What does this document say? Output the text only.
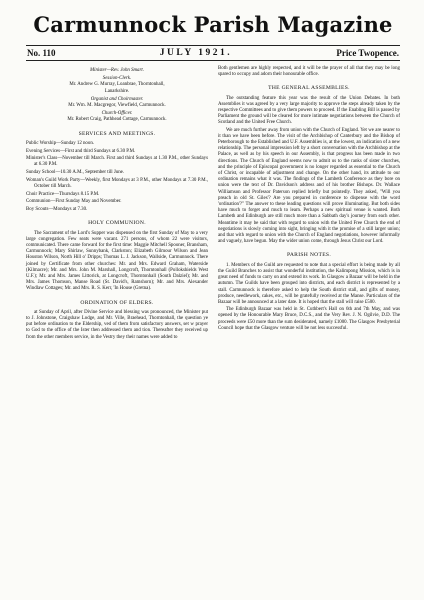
Carmunnock Parish Magazine
No. 110	JULY 1921.	Price Twopence.
Minister—Rev. John Smart.
Session-Clerk.
Mr. Andrew G. Murray, Loanbrae, Thorntonhall,
Lanarkshire.
Organist and Choirmaster.
Mr. Wm. M. Macgregor, Viewfield, Carmunnock.
Church-Officer.
Mr. Robert Craig, Pathhead Cottage, Carmunnock.
SERVICES AND MEETINGS.

Public Worship—Sunday 12 noon.

Evening Services—First and third Sundays at 6.30 P.M.

Minister's Class—November till March. First and third Sundays at 1.30 P.M., other Sundays at 6.30 P.M.

Sunday School—10.30 A.M., September till June.

Woman's Guild Work Party—Weekly, first Mondays at 3 P.M., other Mondays at 7.30 P.M., October till March.

Choir Practice—Thursdays 8.15 P.M.

Communion—First Sunday May and November.

Boy Scouts—Mondays at 7.30.

HOLY COMMUNION.

The Sacrament of the Lord's Supper was dispensed on the first Sunday of May to a very large congregation. Few seats were vacant. 271 persons, of whom 22 were visitors, communicated. There came forward for the first time: Maggie Mitchell Spooner, Bransham, Carmunnock; Mary Shirlaw, Sunnybank, Clarkston; Elizabeth Gilmour Wilson and Jean Houston Wilson, North Hill o' Dripps; Thomas L. J. Jackson, Wallside, Carmunnock. There joined by Certificate from other churches: Mr. and Mrs. Edward Graham, Waterside (Kilmacre); Mr. and Mrs. John M. Marshall, Longcroft, Thorntonhall (Pollokshields West U.F.); Mr. and Mrs. James Littorick, at Longcroft, Thorntonhall (South Dalziel); Mr. and Mrs. James Thomson, Manse Road (St. David's, Ramshorn); Mr. and Mrs. Alexander Windlaw Cottages; Mr. and Mrs. R. S. Kerr, 'In House (Gretna).

ORDINATION OF ELDERS.

at Sunday of April, after Divine Service and blessing was pronounced, the Minister put to J. Johnstone, Craigshaw Lodge, and Mr. Ville, Braehead, Thorntonhall, the question ye put before ordination to the Eldership, ved of them from satisfactory answers, set w prayer to God to the office of the Ister then addressed them and tion. Thereafter they received up from the other members service, in the Vestry they their names were added to

Both gentlemen are highly respected, and it will be the prayer of all that they may be long spared to occupy and adorn their honourable office.

THE GENERAL ASSEMBLIES.

The outstanding feature this year was the result of the Union Debates. In both Assemblies it was agreed by a very large majority to approve the steps already taken by the respective Committees and to give them powers to proceed. If the Enabling Bill is passed by Parliament the ground will be cleared for more intimate negotiations between the Church of Scotland and the United Free Church.

We are much further away from union with the Church of England. Yet we are nearer to it than we have been before. The visit of the Archbishop of Canterbury and the Bishop of Peterborough to the Established and U.F. Assemblies is, at the lowest, an indication of a new relationship. The personal impression left by a short conversation with the Archbishop at the Palace, as well as by his speech in our Assembly, is that progress has been made in two directions. The Church of England seems now to admit us to the ranks of sister churches, and the principle of Episcopal government is no longer regarded as essential to the Church of Christ, or incapable of adjustment and change. On the other hand, its attitude to our ordination remains what it was. The findings of the Lambeth Conference as they bore on union were the text of Dr. Davidson's address and of his brother Bishops. Dr. Wallace Williamson and Professor Paterson replied briefly but pointedly. They asked, "Will you preach in old St. Giles'? Are you prepared in conference to dispense with the word 'ordination'?" The answer to these leading questions will prove illuminating. But both sides have much to forget and much to learn. Perhaps a new spiritual venue is wanted. Both Lambeth and Edinburgh are still much more than a Sabbath day's journey from each other. Meantime it may be said that with regard to union with the United Free Church the end of negotiations is slowly coming into sight, bringing with it the promise of a still larger union; and that with regard to union with the Church of England negotiations, however informally and vaguely, have begun. May the wider union come, through Jesus Christ our Lord.

PARISH NOTES.

1. Members of the Guild are requested to note that a special effort is being made by all the Guild Branches to assist that wonderful institution, the Kalimpong Mission, which is in great need of funds to carry on and extend its work. In Glasgow a Bazaar will be held in the autumn. The Guilds have been grouped into districts, and each district is represented by a stall. Carmunnock is therefore asked to help the South district stall, and gifts of money, produce, needlework, cakes, etc., will be gratefully received at the Manse. Particulars of the Bazaar will be announced at a later date. It is hoped that the stall will raise £500.

The Edinburgh Bazaar was held in St. Cuthbert's Hall on 6th and 7th May, and was opened by the Honourable Mary Bruce, D.C.S., and the Very Rev. J. N. Ogilvie, D.D. The proceeds were £50 more than the sum desiderated, namely £1000. The Glasgow Presbyterial Council hope that the Glasgow venture will be not less successful.
